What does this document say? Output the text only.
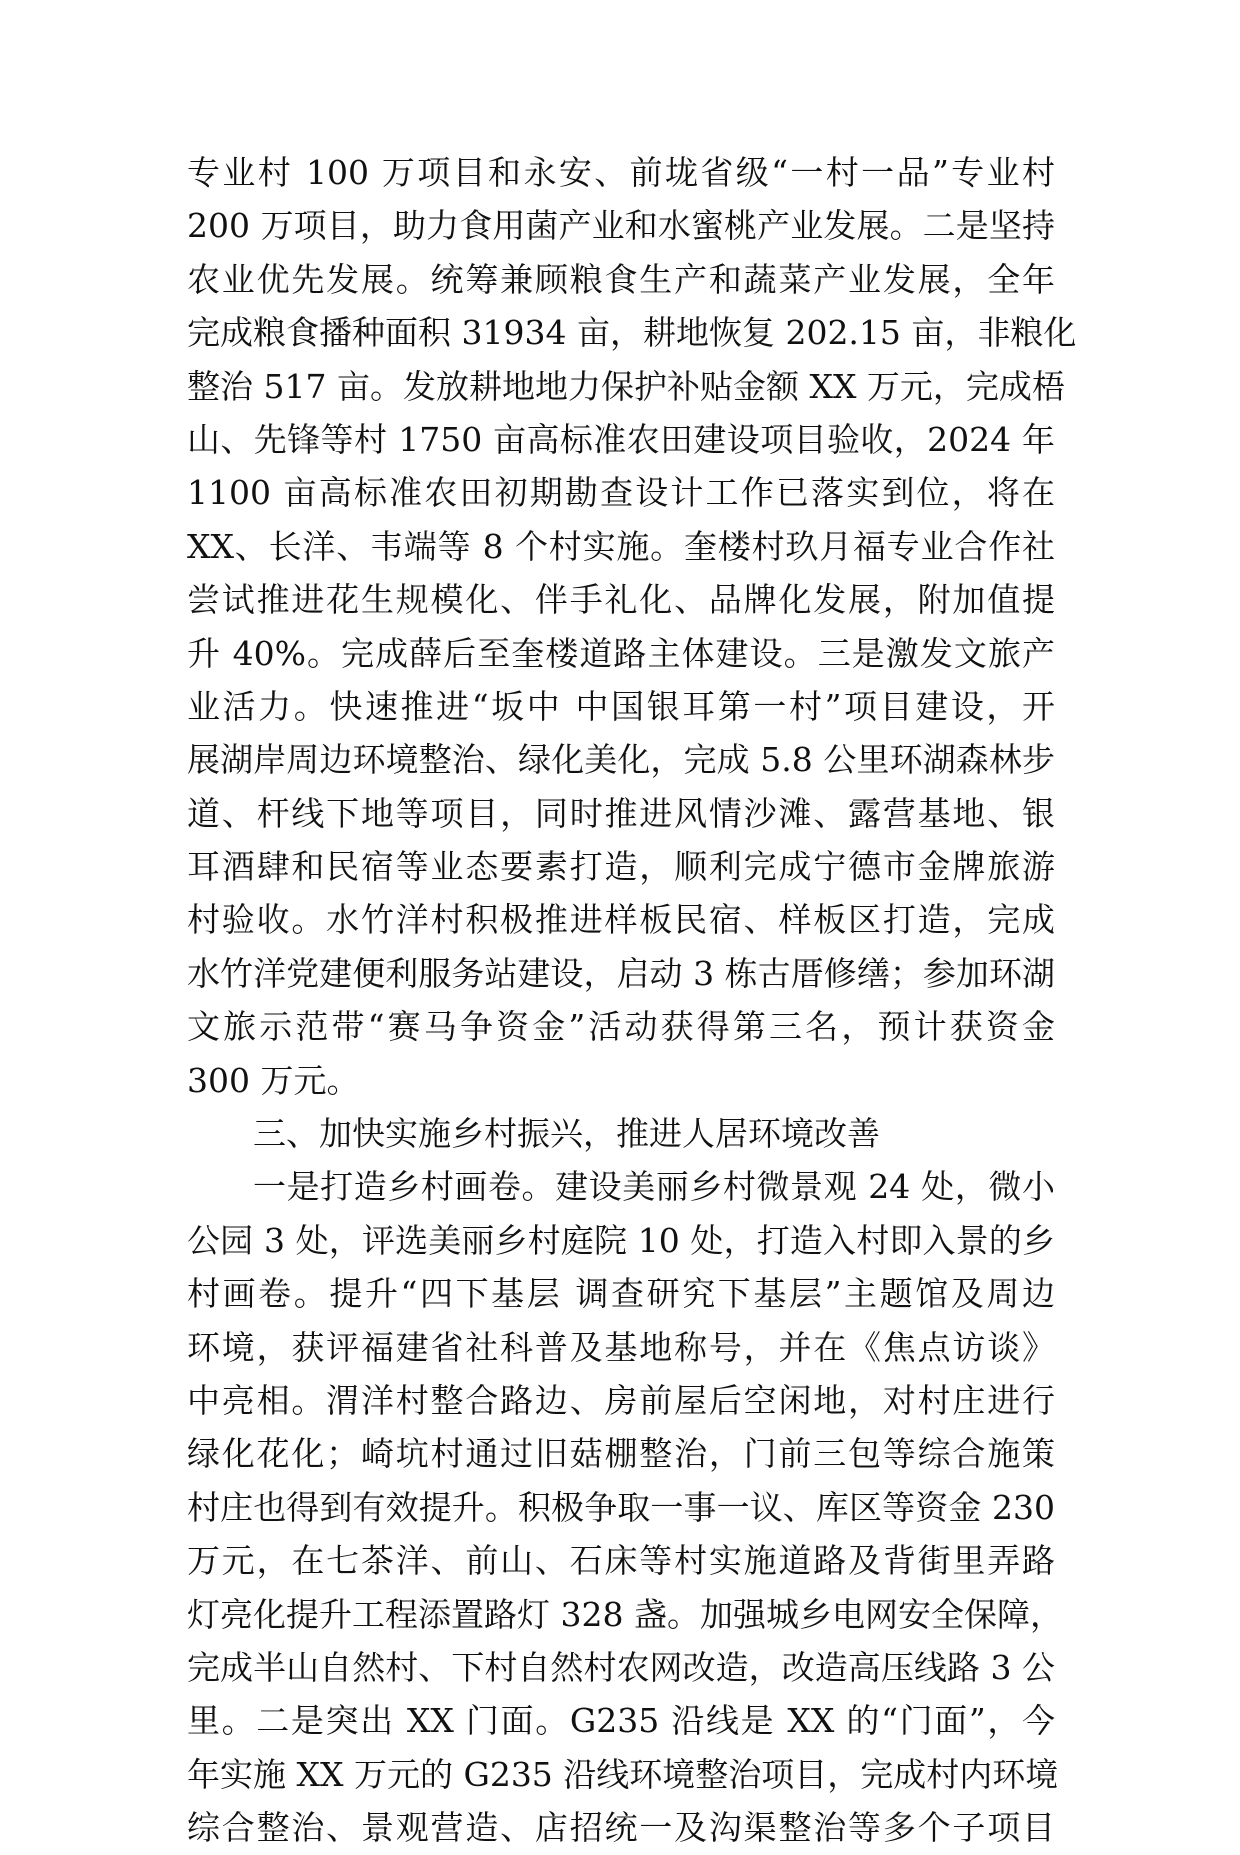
专业村 100 万项目和永安、前垅省级“一村一品”专业村
200 万项目，助力食用菌产业和水蜜桃产业发展。二是坚持
农业优先发展。统筹兼顾粮食生产和蔬菜产业发展，全年
完成粮食播种面积 31934 亩，耕地恢复 202.15 亩，非粮化
整治 517 亩。发放耕地地力保护补贴金额 XX 万元，完成梧
山、先锋等村 1750 亩高标准农田建设项目验收，2024 年
1100 亩高标准农田初期勘查设计工作已落实到位，将在
XX、长洋、韦端等 8 个村实施。奎楼村玖月福专业合作社
尝试推进花生规模化、伴手礼化、品牌化发展，附加值提
升 40%。完成薛后至奎楼道路主体建设。三是激发文旅产
业活力。快速推进“坂中 中国银耳第一村”项目建设，开
展湖岸周边环境整治、绿化美化，完成 5.8 公里环湖森林步
道、杆线下地等项目，同时推进风情沙滩、露营基地、银
耳酒肆和民宿等业态要素打造，顺利完成宁德市金牌旅游
村验收。水竹洋村积极推进样板民宿、样板区打造，完成
水竹洋党建便利服务站建设，启动 3 栋古厝修缮；参加环湖
文旅示范带“赛马争资金”活动获得第三名，预计获资金
300 万元。
三、加快实施乡村振兴，推进人居环境改善
一是打造乡村画卷。建设美丽乡村微景观 24 处，微小
公园 3 处，评选美丽乡村庭院 10 处，打造入村即入景的乡
村画卷。提升“四下基层 调查研究下基层”主题馆及周边
环境，获评福建省社科普及基地称号，并在《焦点访谈》
中亮相。渭洋村整合路边、房前屋后空闲地，对村庄进行
绿化花化；崎坑村通过旧菇棚整治，门前三包等综合施策
村庄也得到有效提升。积极争取一事一议、库区等资金 230
万元，在七茶洋、前山、石床等村实施道路及背街里弄路
灯亮化提升工程添置路灯 328 盏。加强城乡电网安全保障，
完成半山自然村、下村自然村农网改造，改造高压线路 3 公
里。二是突出 XX 门面。G235 沿线是 XX 的“门面”，今
年实施 XX 万元的 G235 沿线环境整治项目，完成村内环境
综合整治、景观营造、店招统一及沟渠整治等多个子项目
